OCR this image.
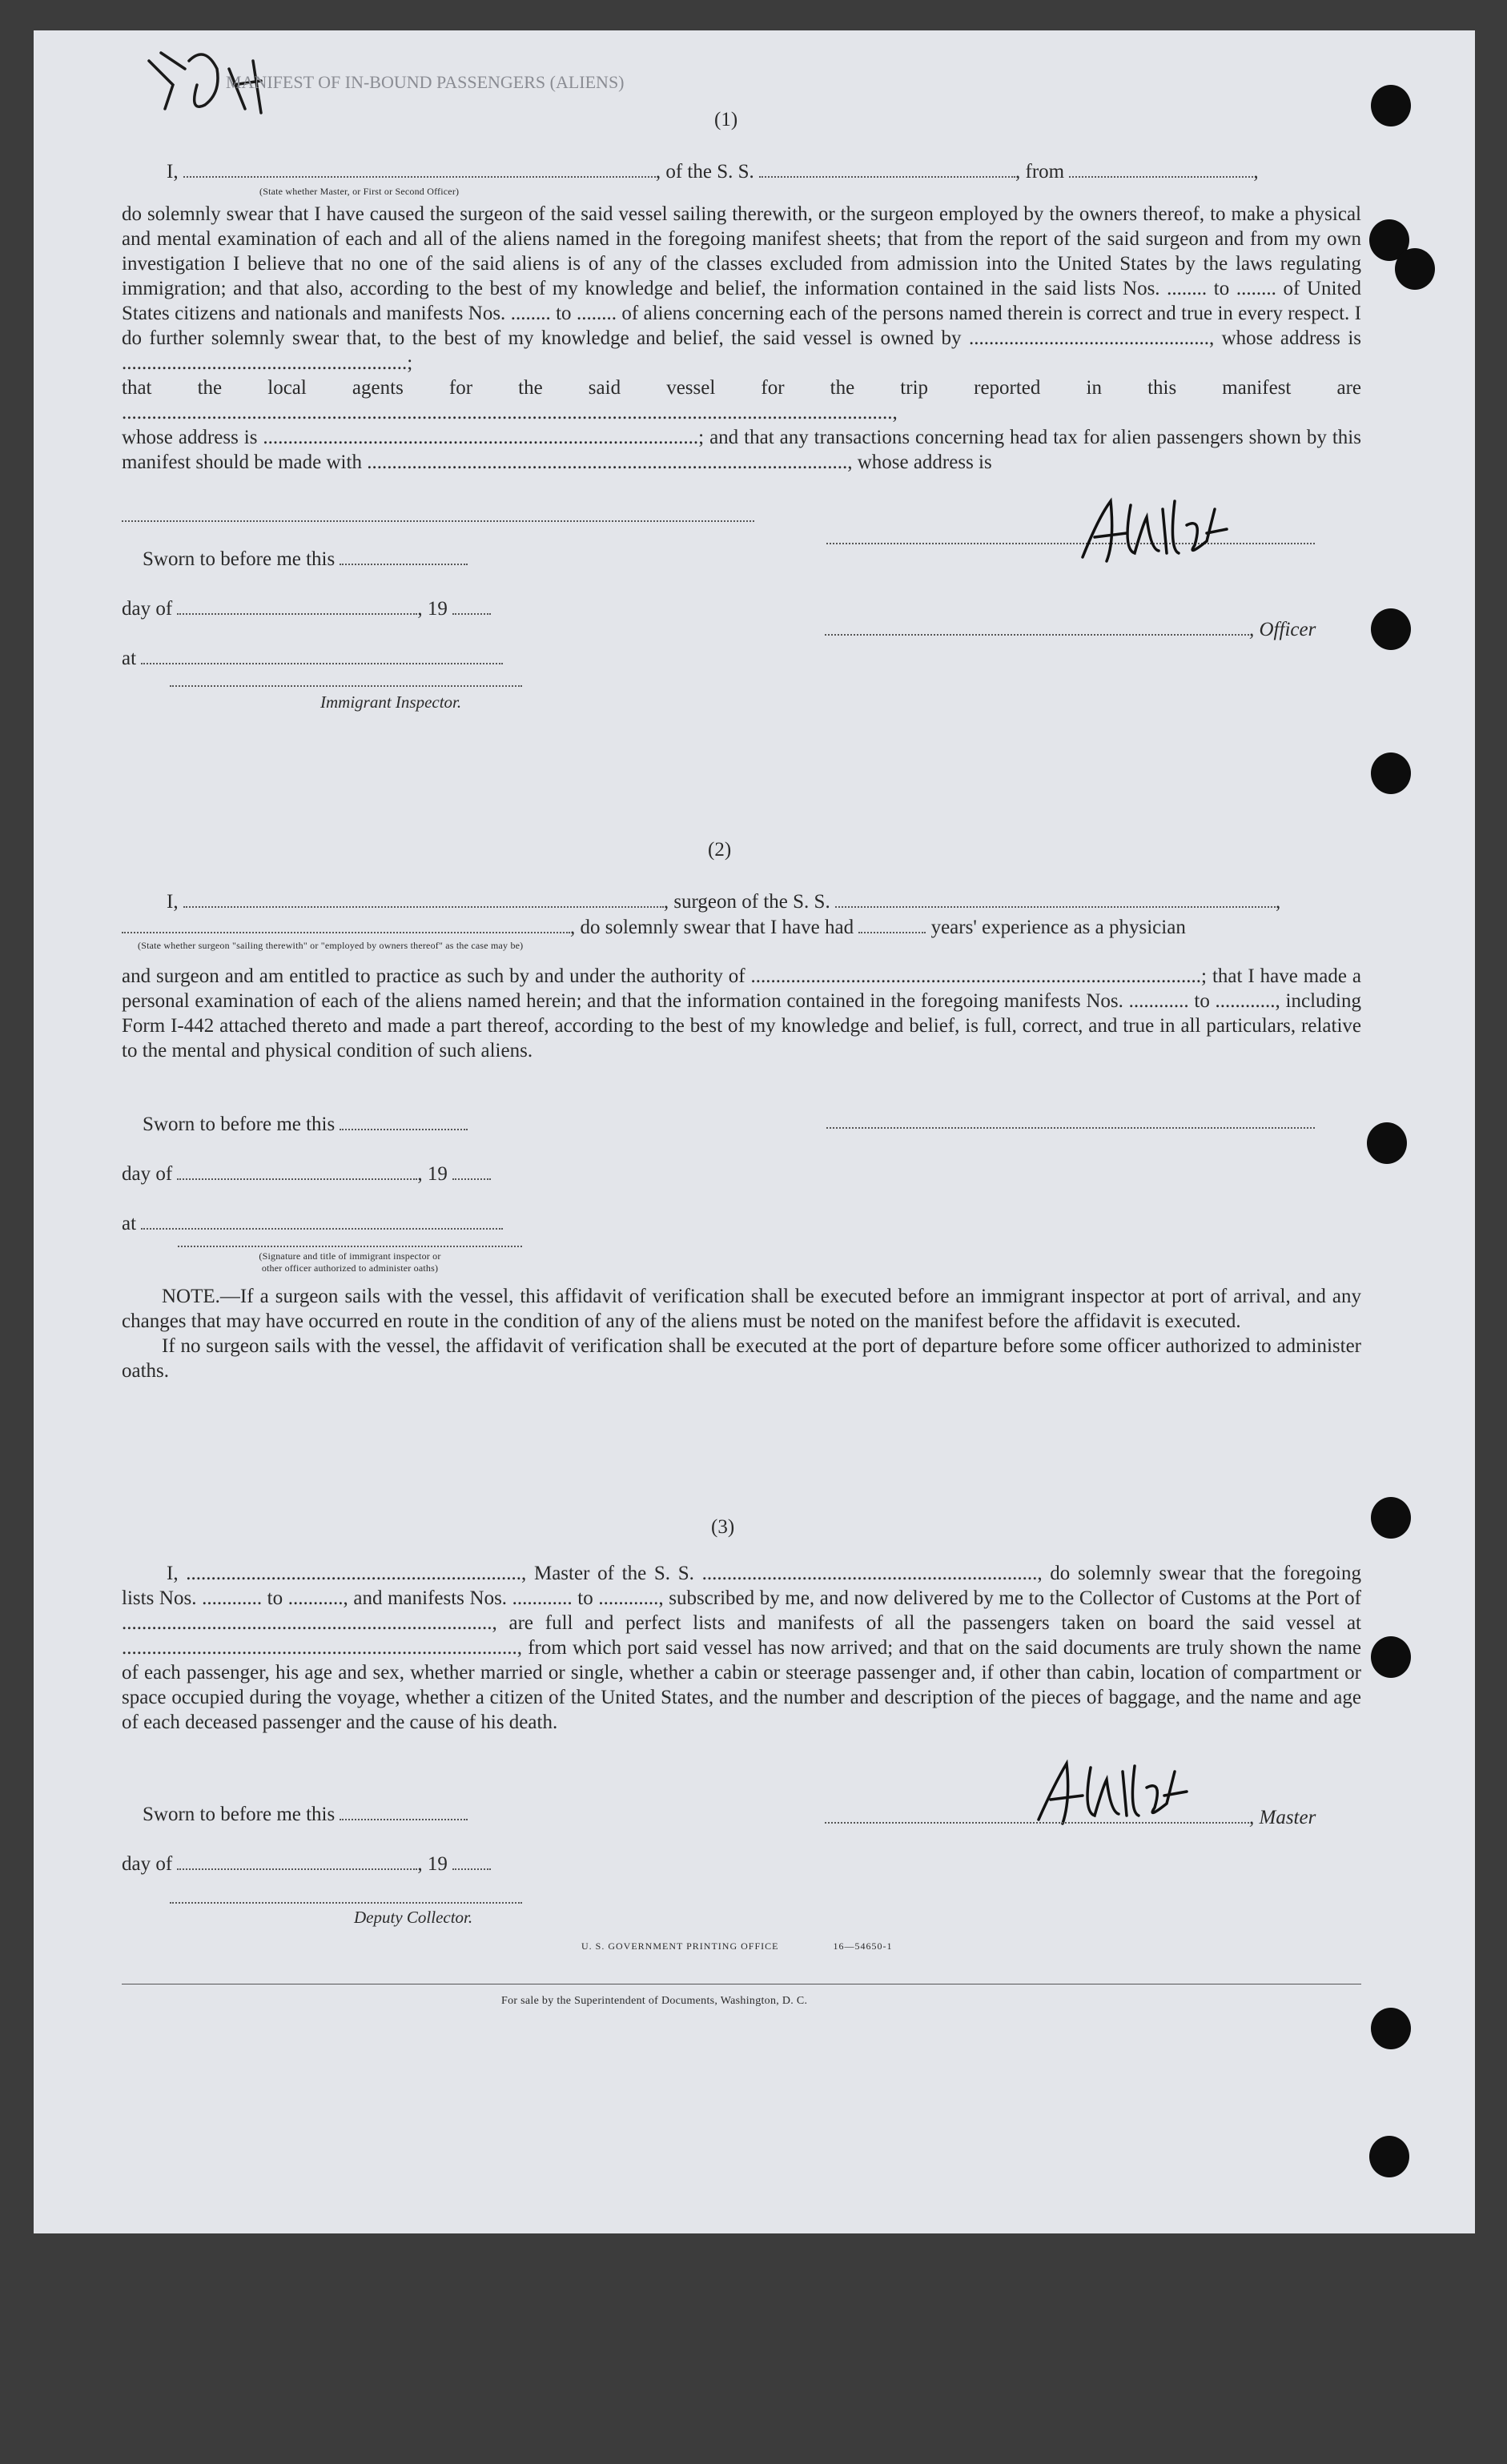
MANIFEST OF IN-BOUND PASSENGERS (ALIENS)
(1)
I,	, of the S. S.	, from	,
(State whether Master, or First or Second Officer)

do solemnly swear that I have caused the surgeon of the said vessel sailing therewith, or the surgeon employed by the owners thereof, to make a physical and mental examination of each and all of the aliens named in the foregoing manifest sheets; that from the report of the said surgeon and from my own investigation I believe that no one of the said aliens is of any of the classes excluded from admission into the United States by the laws regulating immigration; and that also, according to the best of my knowledge and belief, the information contained in the said lists Nos. ........ to ........ of United States citizens and nationals and manifests Nos. ........ to ........ of aliens concerning each of the persons named therein is correct and true in every respect. I do further solemnly swear that, to the best of my knowledge and belief, the said vessel is owned by ................................................, whose address is .........................................................;

that the local agents for the said vessel for the trip reported in this manifest are ..........................................................................................................................................................,

whose address is .......................................................................................; and that any transactions concerning head tax for alien passengers shown by this manifest should be made with ................................................................................................, whose address is

Sworn to before me this
day of	, 19
at
Immigrant Inspector.
, Officer
(2)
I,	, surgeon of the S. S.	,
, do solemnly swear that I have had	years' experience as a physician
(State whether surgeon "sailing therewith" or "employed by owners thereof" as the case may be)

and surgeon and am entitled to practice as such by and under the authority of ..........................................................................................; that I have made a personal examination of each of the aliens named herein; and that the information contained in the foregoing manifests Nos. ............ to ............, including Form I-442 attached thereto and made a part thereof, according to the best of my knowledge and belief, is full, correct, and true in all particulars, relative to the mental and physical condition of such aliens.

Sworn to before me this
day of	, 19
at
(Signature and title of immigrant inspector or
other officer authorized to administer oaths)

NOTE.—If a surgeon sails with the vessel, this affidavit of verification shall be executed before an immigrant inspector at port of arrival, and any changes that may have occurred en route in the condition of any of the aliens must be noted on the manifest before the affidavit is executed.

If no surgeon sails with the vessel, the affidavit of verification shall be executed at the port of departure before some officer authorized to administer oaths.

(3)

I, ..................................................................., Master of the S. S. ..................................................................., do solemnly swear that the foregoing lists Nos. ............ to ..........., and manifests Nos. ............ to ............, subscribed by me, and now delivered by me to the Collector of Customs at the Port of .........................................................................., are full and perfect lists and manifests of all the passengers taken on board the said vessel at ..............................................................................., from which port said vessel has now arrived; and that on the said documents are truly shown the name of each passenger, his age and sex, whether married or single, whether a cabin or steerage passenger and, if other than cabin, location of compartment or space occupied during the voyage, whether a citizen of the United States, and the number and description of the pieces of baggage, and the name and age of each deceased passenger and the cause of his death.

Sworn to before me this
day of	, 19
Deputy Collector.
, Master
U. S. GOVERNMENT PRINTING OFFICE	16—54650-1
For sale by the Superintendent of Documents, Washington, D. C.
